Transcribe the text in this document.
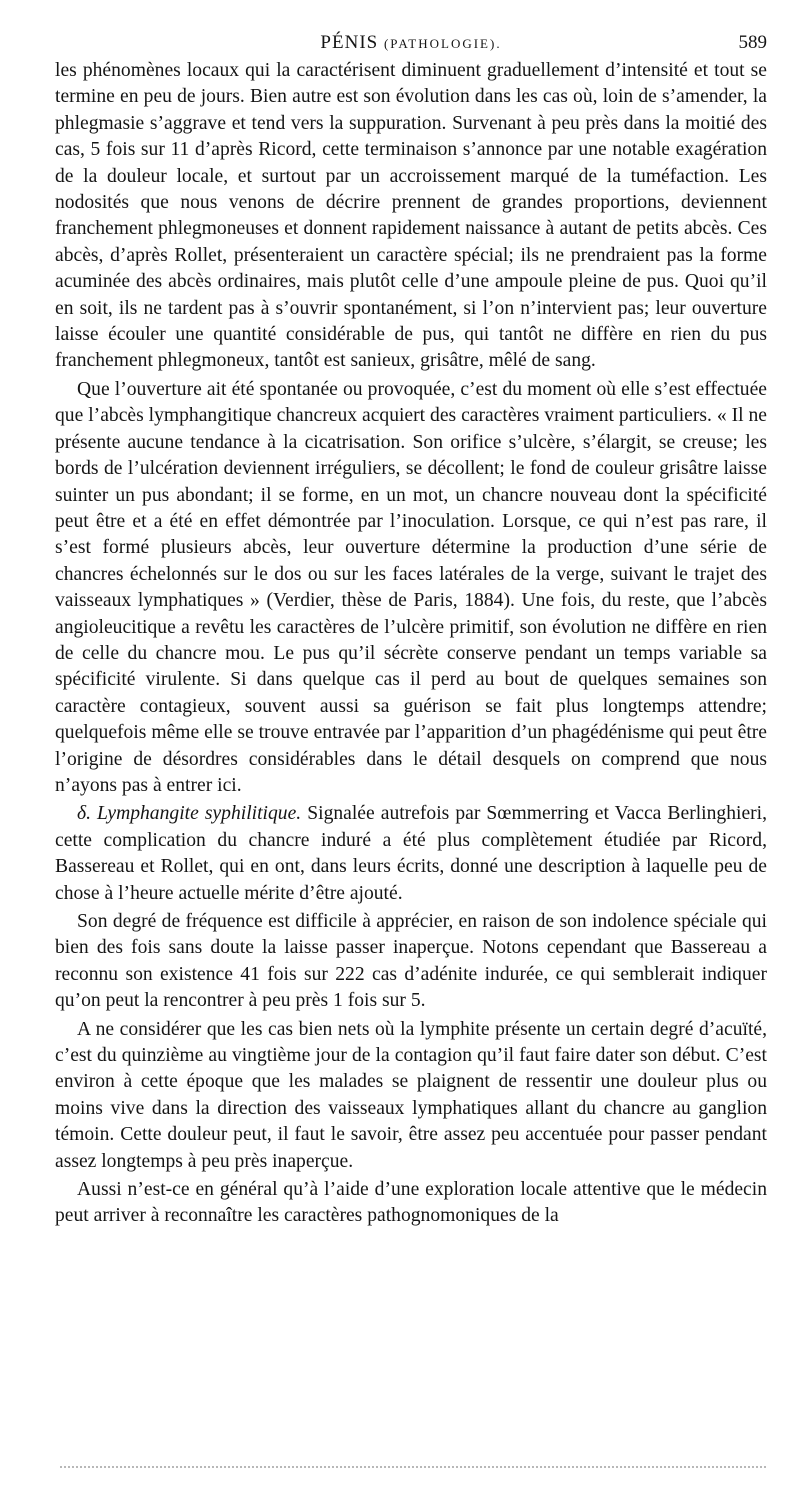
PÉNIS (PATHOLOGIE).	589

les phénomènes locaux qui la caractérisent diminuent graduellement d’intensité et tout se termine en peu de jours. Bien autre est son évolution dans les cas où, loin de s’amender, la phlegmasie s’aggrave et tend vers la suppuration. Survenant à peu près dans la moitié des cas, 5 fois sur 11 d’après Ricord, cette terminaison s’annonce par une notable exagération de la douleur locale, et surtout par un accroissement marqué de la tuméfaction. Les nodosités que nous venons de décrire prennent de grandes proportions, deviennent franchement phlegmoneuses et donnent rapidement naissance à autant de petits abcès. Ces abcès, d’après Rollet, présenteraient un caractère spécial; ils ne prendraient pas la forme acuminée des abcès ordinaires, mais plutôt celle d’une ampoule pleine de pus. Quoi qu’il en soit, ils ne tardent pas à s’ouvrir spontanément, si l’on n’intervient pas; leur ouverture laisse écouler une quantité considérable de pus, qui tantôt ne diffère en rien du pus franchement phlegmoneux, tantôt est sanieux, grisâtre, mêlé de sang.

Que l’ouverture ait été spontanée ou provoquée, c’est du moment où elle s’est effectuée que l’abcès lymphangitique chancreux acquiert des caractères vraiment particuliers. « Il ne présente aucune tendance à la cicatrisation. Son orifice s’ulcère, s’élargit, se creuse; les bords de l’ulcération deviennent irréguliers, se décollent; le fond de couleur grisâtre laisse suinter un pus abondant; il se forme, en un mot, un chancre nouveau dont la spécificité peut être et a été en effet démontrée par l’inoculation. Lorsque, ce qui n’est pas rare, il s’est formé plusieurs abcès, leur ouverture détermine la production d’une série de chancres échelonnés sur le dos ou sur les faces latérales de la verge, suivant le trajet des vaisseaux lymphatiques » (Verdier, thèse de Paris, 1884). Une fois, du reste, que l’abcès angioleucitique a revêtu les caractères de l’ulcère primitif, son évolution ne diffère en rien de celle du chancre mou. Le pus qu’il sécrète conserve pendant un temps variable sa spécificité virulente. Si dans quelque cas il perd au bout de quelques semaines son caractère contagieux, souvent aussi sa guérison se fait plus longtemps attendre; quelquefois même elle se trouve entravée par l’apparition d’un phagédénisme qui peut être l’origine de désordres considérables dans le détail desquels on comprend que nous n’ayons pas à entrer ici.

δ. Lymphangite syphilitique. Signalée autrefois par Sœmmerring et Vacca Berlinghieri, cette complication du chancre induré a été plus complètement étudiée par Ricord, Bassereau et Rollet, qui en ont, dans leurs écrits, donné une description à laquelle peu de chose à l’heure actuelle mérite d’être ajouté.

Son degré de fréquence est difficile à apprécier, en raison de son indolence spéciale qui bien des fois sans doute la laisse passer inaperçue. Notons cependant que Bassereau a reconnu son existence 41 fois sur 222 cas d’adénite indurée, ce qui semblerait indiquer qu’on peut la rencontrer à peu près 1 fois sur 5.

A ne considérer que les cas bien nets où la lymphite présente un certain degré d’acuïté, c’est du quinzième au vingtième jour de la contagion qu’il faut faire dater son début. C’est environ à cette époque que les malades se plaignent de ressentir une douleur plus ou moins vive dans la direction des vaisseaux lymphatiques allant du chancre au ganglion témoin. Cette douleur peut, il faut le savoir, être assez peu accentuée pour passer pendant assez longtemps à peu près inaperçue.

Aussi n’est-ce en général qu’à l’aide d’une exploration locale attentive que le médecin peut arriver à reconnaître les caractères pathognomoniques de la
